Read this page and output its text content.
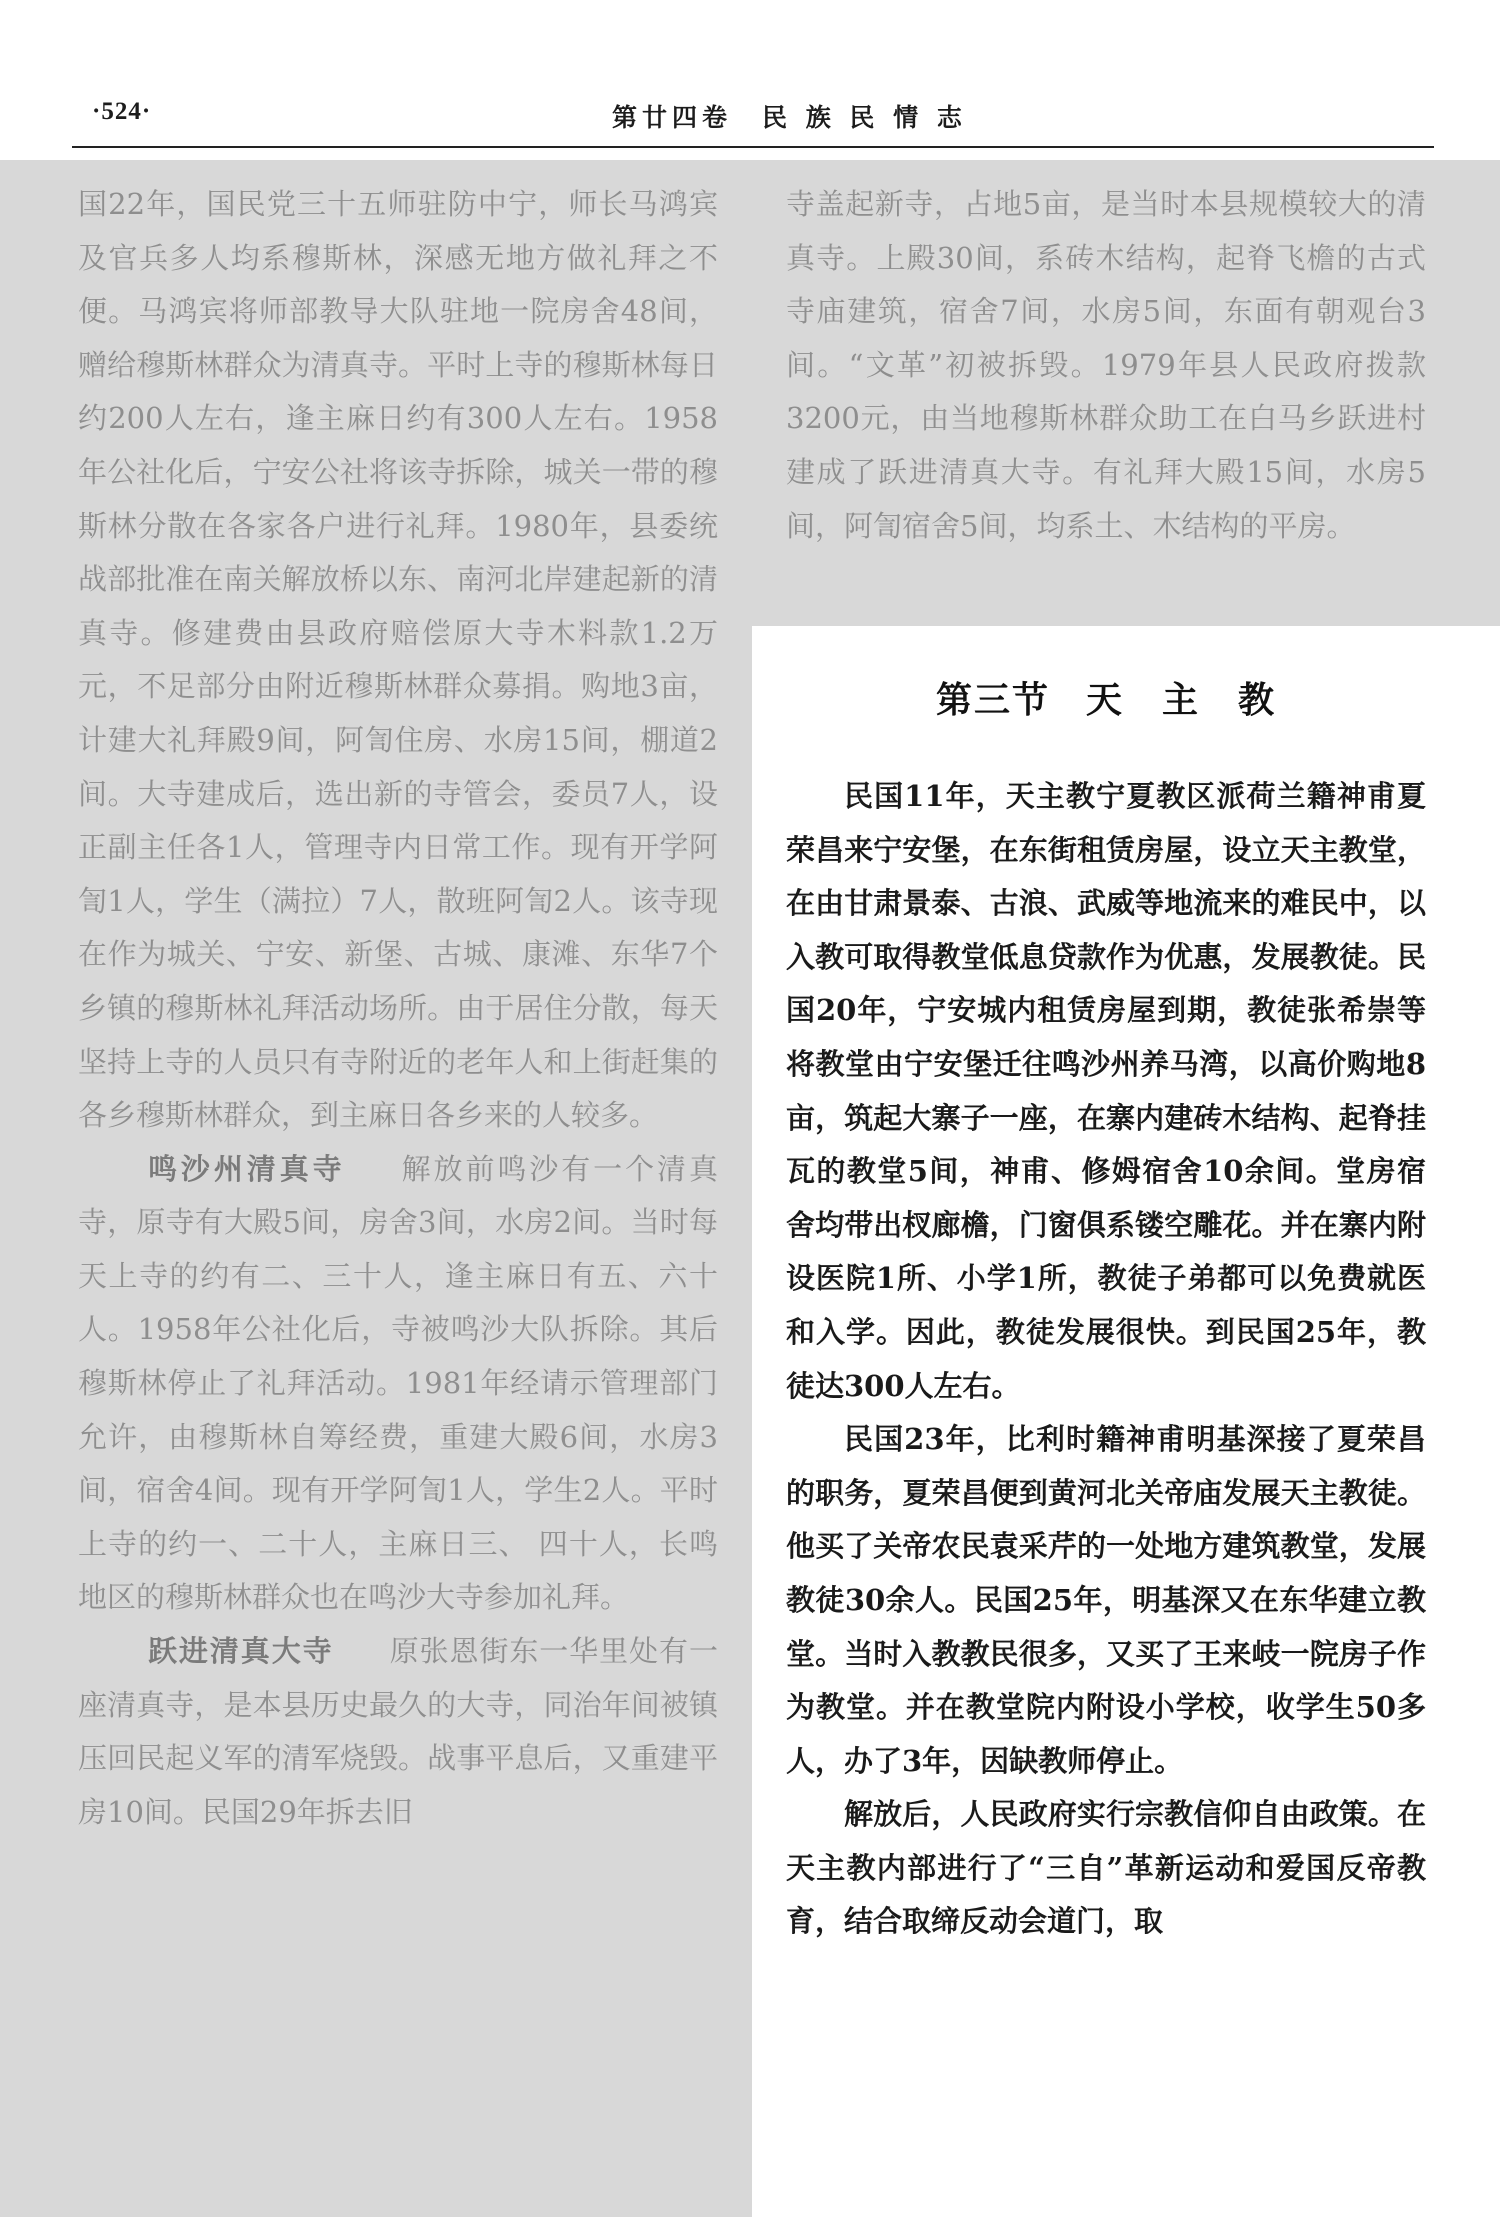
·524·	第廿四卷　民 族 民 情 志

国22年，国民党三十五师驻防中宁，师长马鸿宾及官兵多人均系穆斯林，深感无地方做礼拜之不便。马鸿宾将师部教导大队驻地一院房舍48间，赠给穆斯林群众为清真寺。平时上寺的穆斯林每日约200人左右，逢主麻日约有300人左右。1958年公社化后，宁安公社将该寺拆除，城关一带的穆斯林分散在各家各户进行礼拜。1980年，县委统战部批准在南关解放桥以东、南河北岸建起新的清真寺。修建费由县政府赔偿原大寺木料款1.2万元，不足部分由附近穆斯林群众募捐。购地3亩，计建大礼拜殿9间，阿訇住房、水房15间，棚道2间。大寺建成后，选出新的寺管会，委员7人，设正副主任各1人，管理寺内日常工作。现有开学阿訇1人，学生（满拉）7人，散班阿訇2人。该寺现在作为城关、宁安、新堡、古城、康滩、东华7个乡镇的穆斯林礼拜活动场所。由于居住分散，每天坚持上寺的人员只有寺附近的老年人和上街赶集的各乡穆斯林群众，到主麻日各乡来的人较多。

鸣沙州清真寺 解放前鸣沙有一个清真寺，原寺有大殿5间，房舍3间，水房2间。当时每天上寺的约有二、三十人，逢主麻日有五、六十人。1958年公社化后，寺被鸣沙大队拆除。其后穆斯林停止了礼拜活动。1981年经请示管理部门允许，由穆斯林自筹经费，重建大殿6间，水房3间，宿舍4间。现有开学阿訇1人，学生2人。平时上寺的约一、二十人，主麻日三、 四十人，长鸣地区的穆斯林群众也在鸣沙大寺参加礼拜。

跃进清真大寺 原张恩街东一华里处有一座清真寺，是本县历史最久的大寺，同治年间被镇压回民起义军的清军烧毁。战事平息后，又重建平房10间。民国29年拆去旧

寺盖起新寺，占地5亩，是当时本县规模较大的清真寺。上殿30间，系砖木结构，起脊飞檐的古式寺庙建筑，宿舍7间，水房5间，东面有朝观台3间。“文革”初被拆毁。1979年县人民政府拨款3200元，由当地穆斯林群众助工在白马乡跃进村建成了跃进清真大寺。有礼拜大殿15间，水房5间，阿訇宿舍5间，均系土、木结构的平房。

第三节 天　主　教

民国11年，天主教宁夏教区派荷兰籍神甫夏荣昌来宁安堡，在东街租赁房屋，设立天主教堂，在由甘肃景泰、古浪、武威等地流来的难民中，以入教可取得教堂低息贷款作为优惠，发展教徒。民国20年，宁安城内租赁房屋到期，教徒张希崇等将教堂由宁安堡迁往鸣沙州养马湾，以高价购地8亩，筑起大寨子一座，在寨内建砖木结构、起脊挂瓦的教堂5间，神甫、修姆宿舍10余间。堂房宿舍均带出杈廊檐，门窗俱系镂空雕花。并在寨内附设医院1所、小学1所，教徒子弟都可以免费就医和入学。因此，教徒发展很快。到民国25年，教徒达300人左右。

民国23年，比利时籍神甫明基深接了夏荣昌的职务，夏荣昌便到黄河北关帝庙发展天主教徒。他买了关帝农民袁采芹的一处地方建筑教堂，发展教徒30余人。民国25年，明基深又在东华建立教堂。当时入教教民很多，又买了王来岐一院房子作为教堂。并在教堂院内附设小学校，收学生50多人，办了3年，因缺教师停止。

解放后，人民政府实行宗教信仰自由政策。在天主教内部进行了“三自”革新运动和爱国反帝教育，结合取缔反动会道门，取
